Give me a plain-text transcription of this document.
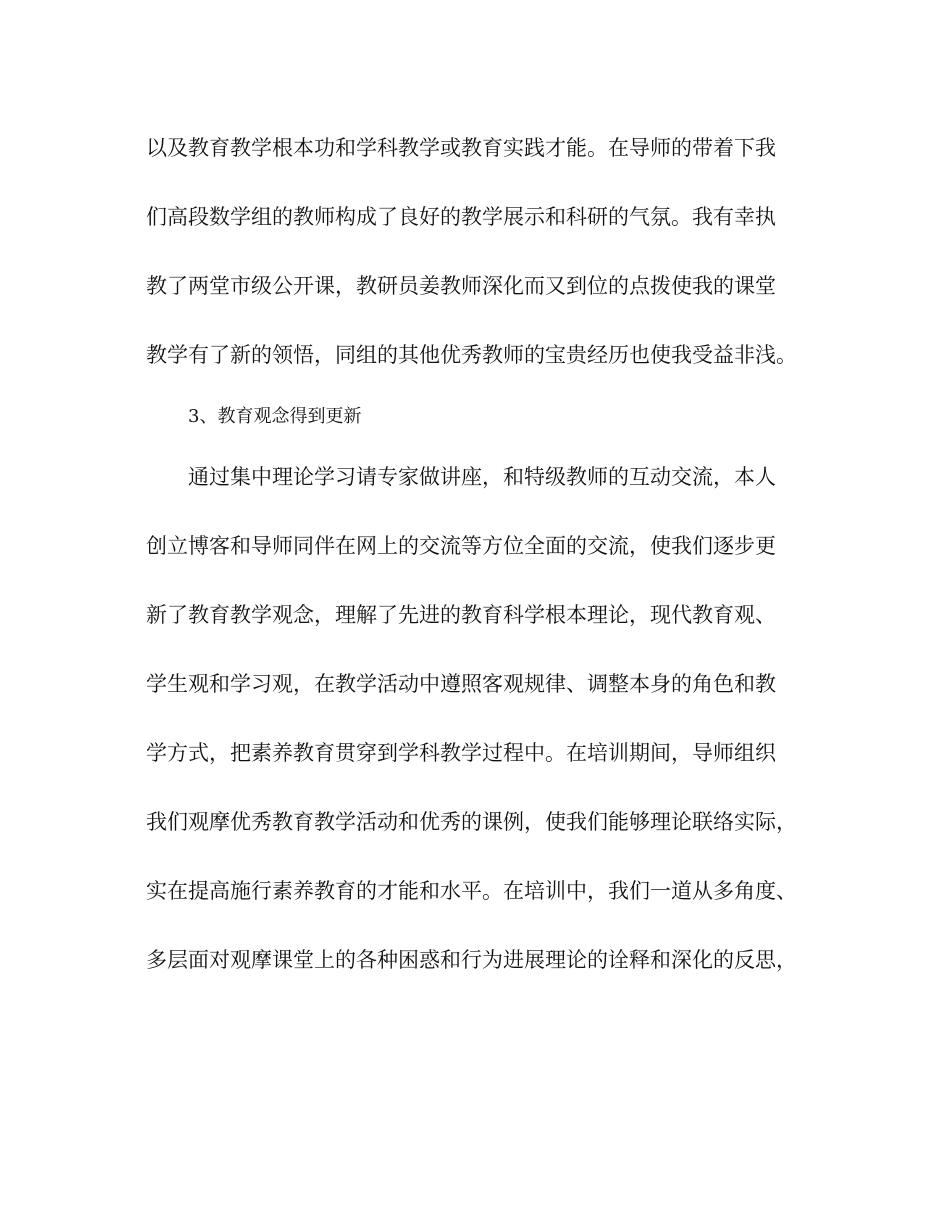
以及教育教学根本功和学科教学或教育实践才能。在导师的带着下我
们高段数学组的教师构成了良好的教学展示和科研的气氛。我有幸执
教了两堂市级公开课，教研员姜教师深化而又到位的点拨使我的课堂
教学有了新的领悟，同组的其他优秀教师的宝贵经历也使我受益非浅。
3、教育观念得到更新
通过集中理论学习请专家做讲座，和特级教师的互动交流，本人
创立博客和导师同伴在网上的交流等方位全面的交流，使我们逐步更
新了教育教学观念，理解了先进的教育科学根本理论，现代教育观、
学生观和学习观，在教学活动中遵照客观规律、调整本身的角色和教
学方式，把素养教育贯穿到学科教学过程中。在培训期间，导师组织
我们观摩优秀教育教学活动和优秀的课例，使我们能够理论联络实际，
实在提高施行素养教育的才能和水平。在培训中，我们一道从多角度、
多层面对观摩课堂上的各种困惑和行为进展理论的诠释和深化的反思，
